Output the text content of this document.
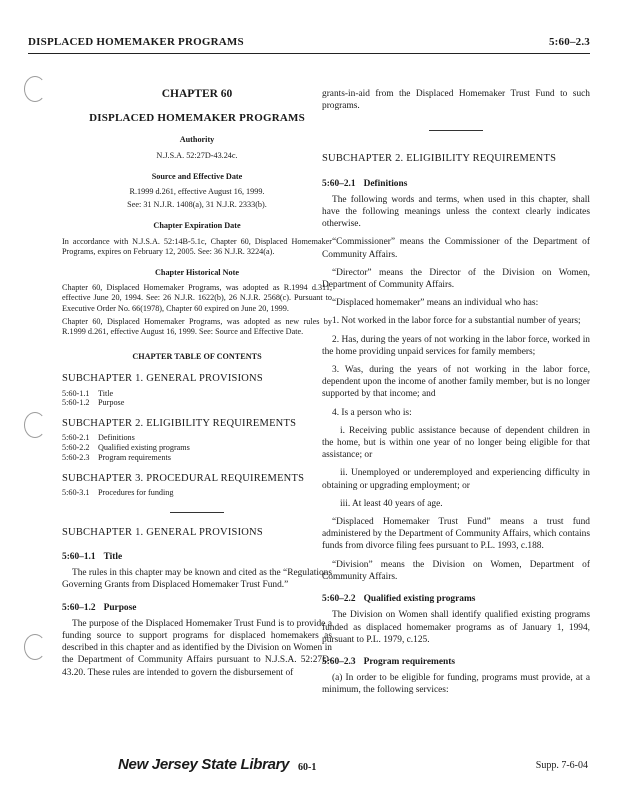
DISPLACED HOMEMAKER PROGRAMS	5:60–2.3
CHAPTER 60
DISPLACED HOMEMAKER PROGRAMS
Authority
N.J.S.A. 52:27D-43.24c.
Source and Effective Date
R.1999 d.261, effective August 16, 1999.
See: 31 N.J.R. 1408(a), 31 N.J.R. 2333(b).
Chapter Expiration Date
In accordance with N.J.S.A. 52:14B-5.1c, Chapter 60, Displaced Homemaker Programs, expires on February 12, 2005. See: 36 N.J.R. 3224(a).
Chapter Historical Note
Chapter 60, Displaced Homemaker Programs, was adopted as R.1994 d.311, effective June 20, 1994. See: 26 N.J.R. 1622(b), 26 N.J.R. 2568(c). Pursuant to Executive Order No. 66(1978), Chapter 60 expired on June 20, 1999.
Chapter 60, Displaced Homemaker Programs, was adopted as new rules by R.1999 d.261, effective August 16, 1999. See: Source and Effective Date.
CHAPTER TABLE OF CONTENTS
SUBCHAPTER 1. GENERAL PROVISIONS
5:60-1.1	Title
5:60-1.2	Purpose
SUBCHAPTER 2. ELIGIBILITY REQUIREMENTS
5:60-2.1	Definitions
5:60-2.2	Qualified existing programs
5:60-2.3	Program requirements
SUBCHAPTER 3. PROCEDURAL REQUIREMENTS
5:60-3.1	Procedures for funding
SUBCHAPTER 1. GENERAL PROVISIONS
5:60–1.1 Title

The rules in this chapter may be known and cited as the “Regulations Governing Grants from Displaced Homemaker Trust Fund.”

5:60–1.2 Purpose

The purpose of the Displaced Homemaker Trust Fund is to provide a funding source to support programs for displaced homemakers as described in this chapter and as identified by the Division on Women in the Department of Community Affairs pursuant to N.J.S.A. 52:27D-43.20. These rules are intended to govern the disbursement of

grants-in-aid from the Displaced Homemaker Trust Fund to such programs.

SUBCHAPTER 2. ELIGIBILITY REQUIREMENTS
5:60–2.1 Definitions

The following words and terms, when used in this chapter, shall have the following meanings unless the context clearly indicates otherwise.

“Commissioner” means the Commissioner of the Department of Community Affairs.

“Director” means the Director of the Division on Women, Department of Community Affairs.

“Displaced homemaker” means an individual who has:

1. Not worked in the labor force for a substantial number of years;

2. Has, during the years of not working in the labor force, worked in the home providing unpaid services for family members;

3. Was, during the years of not working in the labor force, dependent upon the income of another family member, but is no longer supported by that income; and

4. Is a person who is:

i. Receiving public assistance because of dependent children in the home, but is within one year of no longer being eligible for that assistance; or

ii. Unemployed or underemployed and experiencing difficulty in obtaining or upgrading employment; or

iii. At least 40 years of age.

“Displaced Homemaker Trust Fund” means a trust fund administered by the Department of Community Affairs, which contains funds from divorce filing fees pursuant to P.L. 1993, c.188.

“Division” means the Division on Women, Department of Community Affairs.

5:60–2.2 Qualified existing programs

The Division on Women shall identify qualified existing programs funded as displaced homemaker programs as of January 1, 1994, pursuant to P.L. 1979, c.125.

5:60–2.3 Program requirements

(a) In order to be eligible for funding, programs must provide, at a minimum, the following services:

New Jersey State Library 60-1	Supp. 7-6-04
